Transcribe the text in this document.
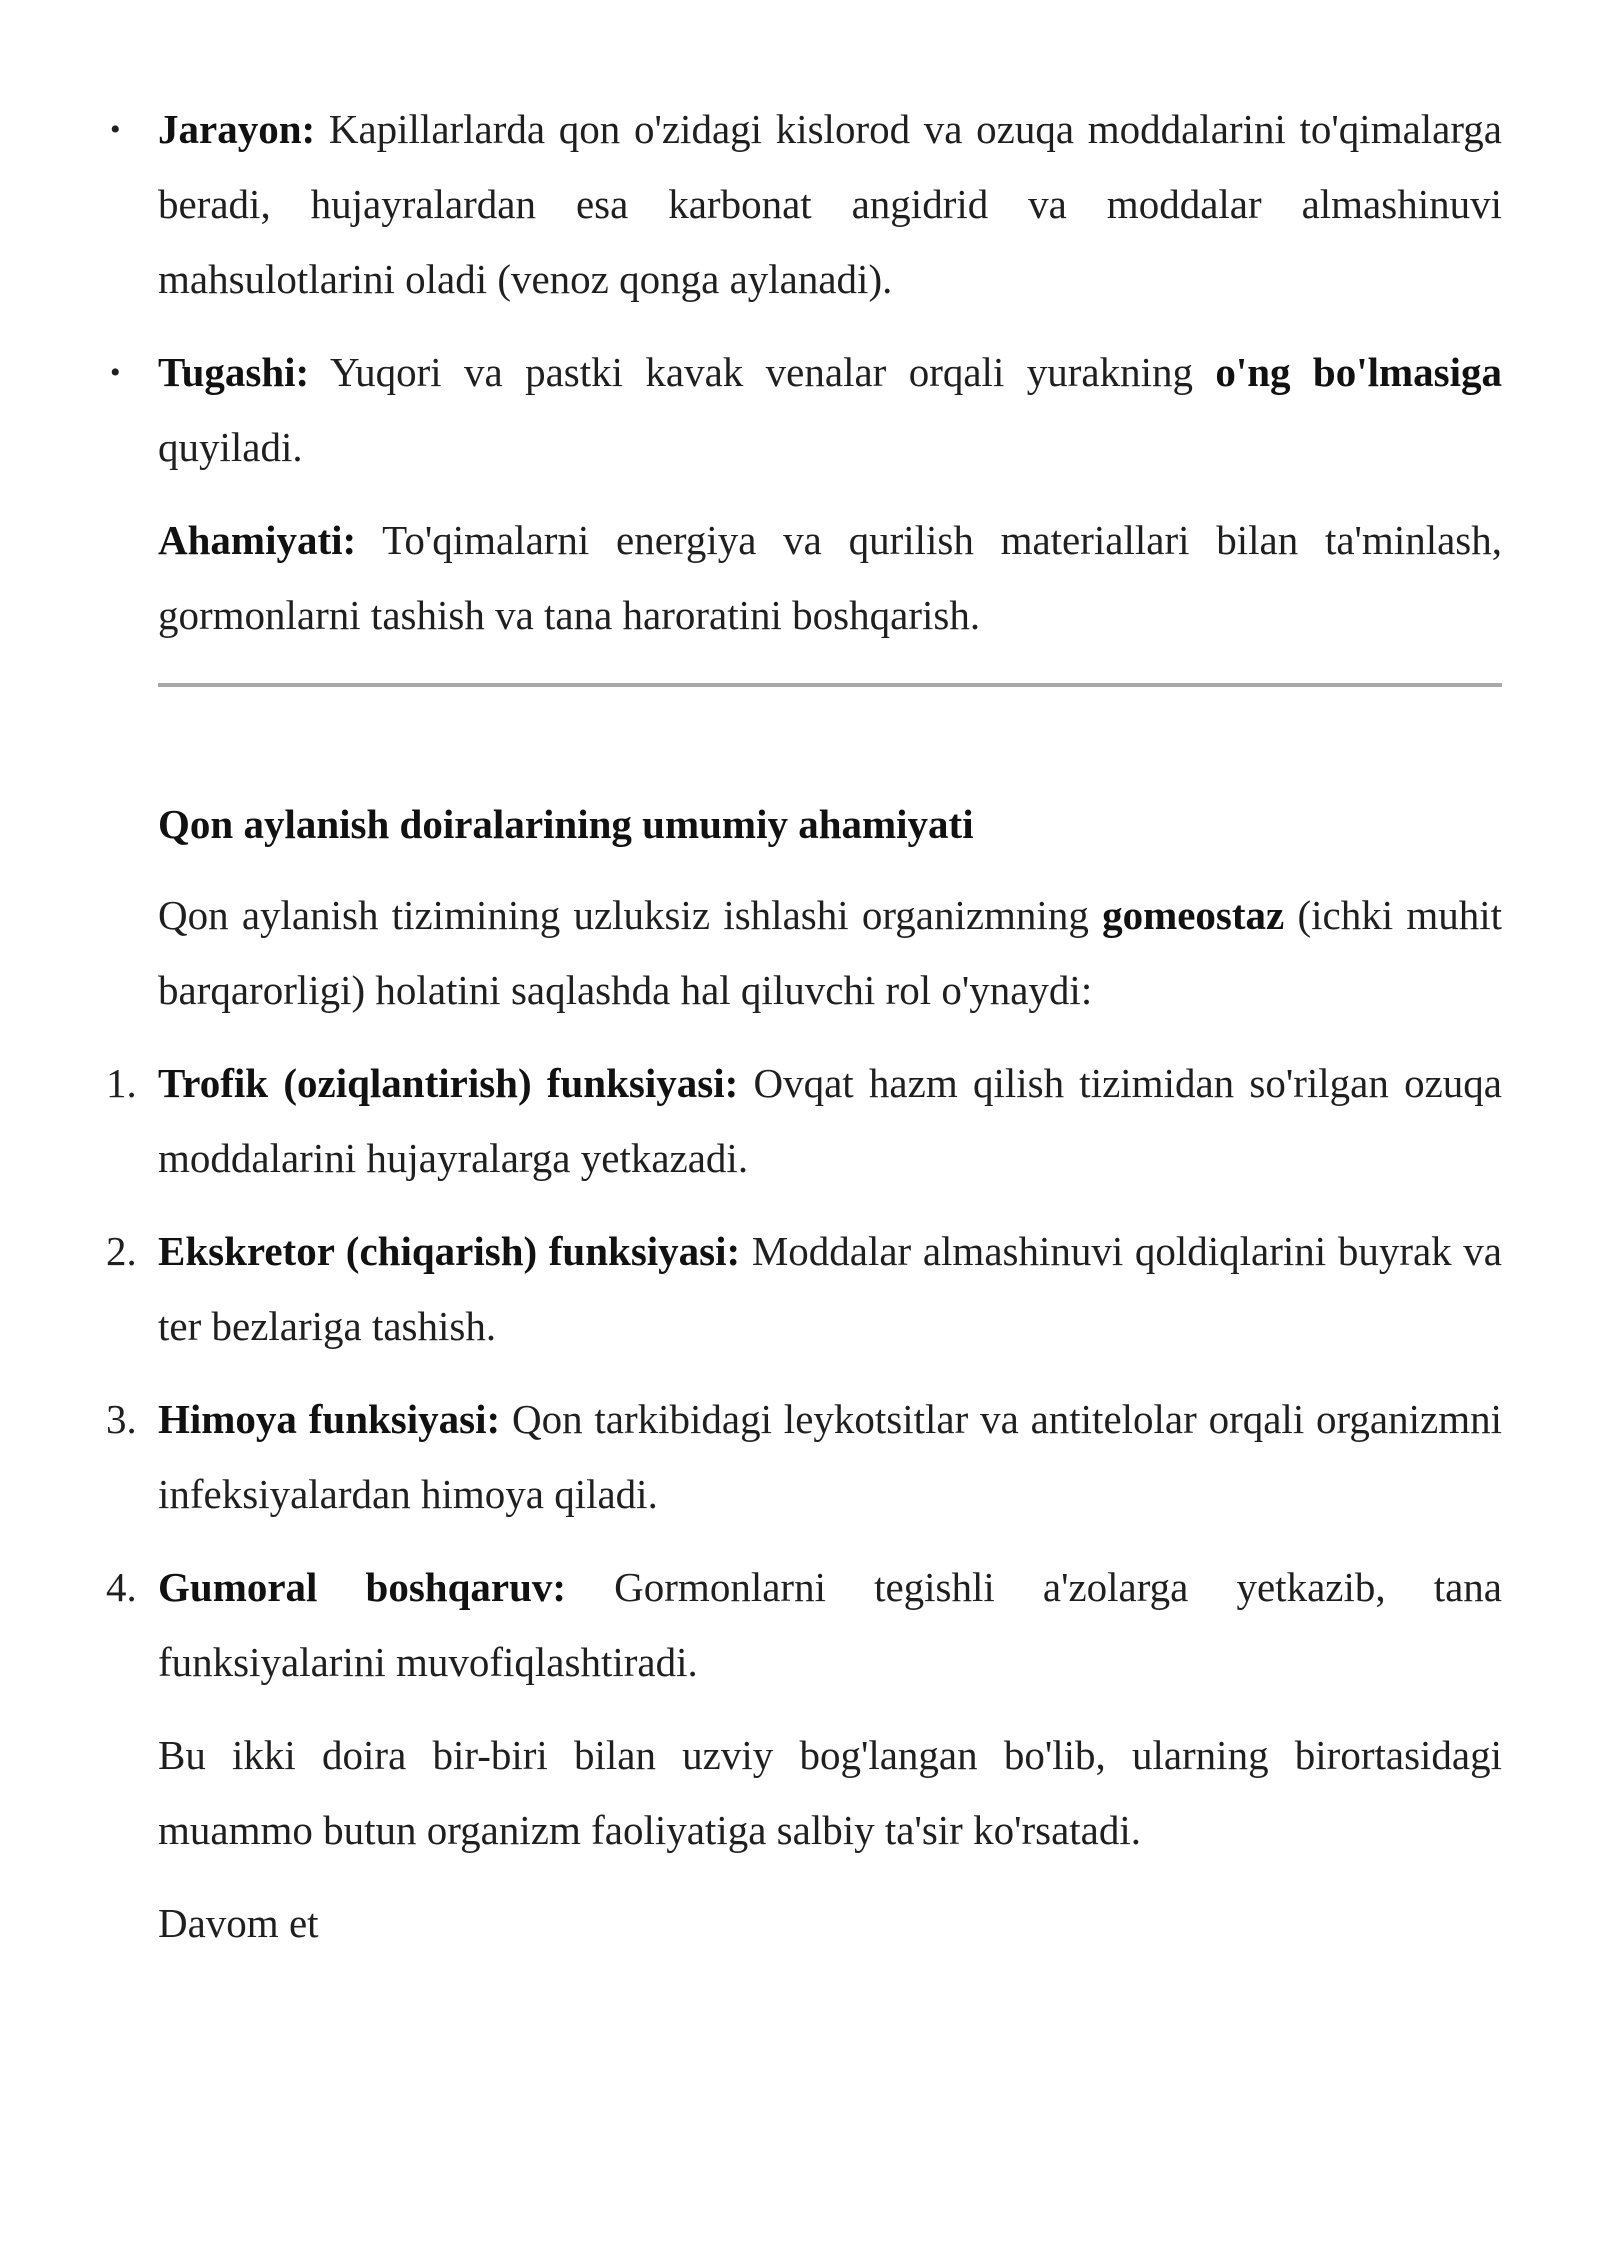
• Jarayon: Kapillarlarda qon o'zidagi kislorod va ozuqa moddalarini to'qimalarga beradi, hujayralardan esa karbonat angidrid va moddalar almashinuvi mahsulotlarini oladi (venoz qonga aylanadi).

• Tugashi: Yuqori va pastki kavak venalar orqali yurakning o'ng bo'lmasiga quyiladi.

Ahamiyati: To'qimalarni energiya va qurilish materiallari bilan ta'minlash, gormonlarni tashish va tana haroratini boshqarish.

Qon aylanish doiralarining umumiy ahamiyati

Qon aylanish tizimining uzluksiz ishlashi organizmning gomeostaz (ichki muhit barqarorligi) holatini saqlashda hal qiluvchi rol o'ynaydi:

1. Trofik (oziqlantirish) funksiyasi: Ovqat hazm qilish tizimidan so'rilgan ozuqa moddalarini hujayralarga yetkazadi.

2. Ekskretor (chiqarish) funksiyasi: Moddalar almashinuvi qoldiqlarini buyrak va ter bezlariga tashish.

3. Himoya funksiyasi: Qon tarkibidagi leykotsitlar va antitelolar orqali organizmni infeksiyalardan himoya qiladi.

4. Gumoral boshqaruv: Gormonlarni tegishli a'zolarga yetkazib, tana funksiyalarini muvofiqlashtiradi.

Bu ikki doira bir-biri bilan uzviy bog'langan bo'lib, ularning birortasidagi muammo butun organizm faoliyatiga salbiy ta'sir ko'rsatadi.

Davom et
